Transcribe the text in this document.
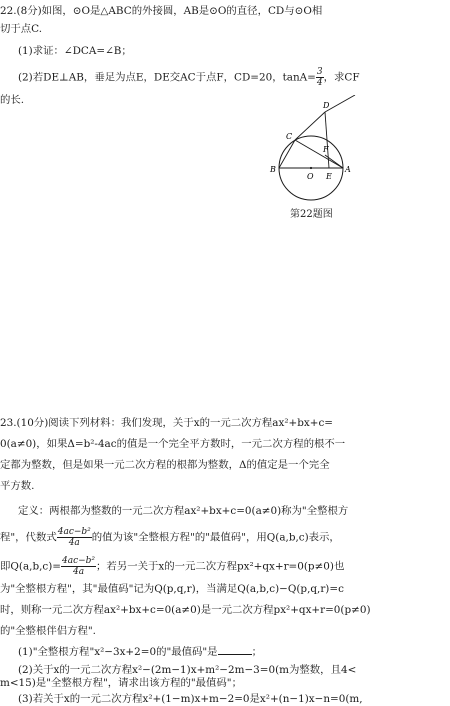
22.(8分)如图，⊙O是△ABC的外接圆，AB是⊙O的直径，CD与⊙O相
切于点C.
(1)求证：∠DCA=∠B；
(2)若DE⊥AB，垂足为点E，DE交AC于点F，CD=20，$\tan A= \frac{3}{4}$ ，求CF
的长.	D
C
F
B
O E
A
第22题图
23.(10分)阅读下列材料：我们发现，关于x的一元二次方程ax²+bx+c=
0(a≠0)，如果Δ=b²-4ac的值是一个完全平方数时，一元二次方程的根不一
定都为整数，但是如果一元二次方程的根都为整数，Δ的值定是一个完全
平方数.
定义：两根都为整数的一元二次方程ax²+bx+c=0(a≠0)称为"全整根方
程"，代数式 $\frac{\text{4ac−b²}}{4a}$ 的值为该"全整根方程"的"最值码"，用Q(a,b,c)表示，
即$Q(a,b,c)= \frac{\text{4ac−b²}}{4a}$ ；若另一关于x的一元二次方程px²+qx+r=0(p≠0)也
为"全整根方程"，其"最值码"记为Q(p,q,r)，当满足Q(a,b,c)−Q(p,q,r)=c
时，则称一元二次方程ax²+bx+c=0(a≠0)是一元二次方程px²+qx+r=0(p≠0)
的"全整根伴侣方程".
(1)"全整根方程"x²−3x+2=0的"最值码"是	；
(2)关于x的一元二次方程x²−(2m−1)x+m²−2m−3=0(m为整数，且4<
m<15)是"全整根方程"，请求出该方程的"最值码"；
(3)若关于x的一元二次方程x²+(1−m)x+m−2=0是x²+(n−1)x−n=0(m,
